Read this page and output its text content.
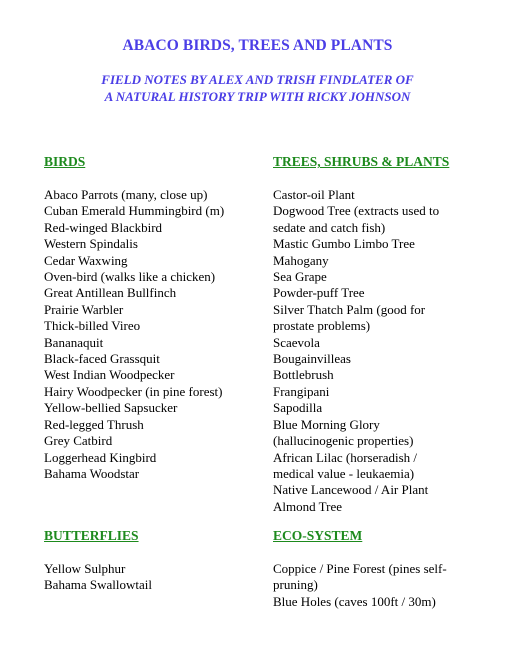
ABACO BIRDS, TREES AND PLANTS
FIELD NOTES BY ALEX AND TRISH FINDLATER OF
A NATURAL HISTORY TRIP WITH RICKY JOHNSON
BIRDS
Abaco Parrots (many, close up)
Cuban Emerald Hummingbird (m)
Red-winged Blackbird
Western Spindalis
Cedar Waxwing
Oven-bird (walks like a chicken)
Great Antillean Bullfinch
Prairie Warbler
Thick-billed Vireo
Bananaquit
Black-faced Grassquit
West Indian Woodpecker
Hairy Woodpecker (in pine forest)
Yellow-bellied Sapsucker
Red-legged Thrush
Grey Catbird
Loggerhead Kingbird
Bahama Woodstar
TREES, SHRUBS & PLANTS
Castor-oil Plant
Dogwood Tree (extracts used to
sedate and catch fish)
Mastic Gumbo Limbo Tree
Mahogany
Sea Grape
Powder-puff Tree
Silver Thatch Palm (good for
prostate problems)
Scaevola
Bougainvilleas
Bottlebrush
Frangipani
Sapodilla
Blue Morning Glory
(hallucinogenic properties)
African Lilac (horseradish /
medical value - leukaemia)
Native Lancewood / Air Plant
Almond Tree
BUTTERFLIES
Yellow Sulphur
Bahama Swallowtail
ECO-SYSTEM
Coppice / Pine Forest (pines self-
pruning)
Blue Holes (caves 100ft / 30m)
